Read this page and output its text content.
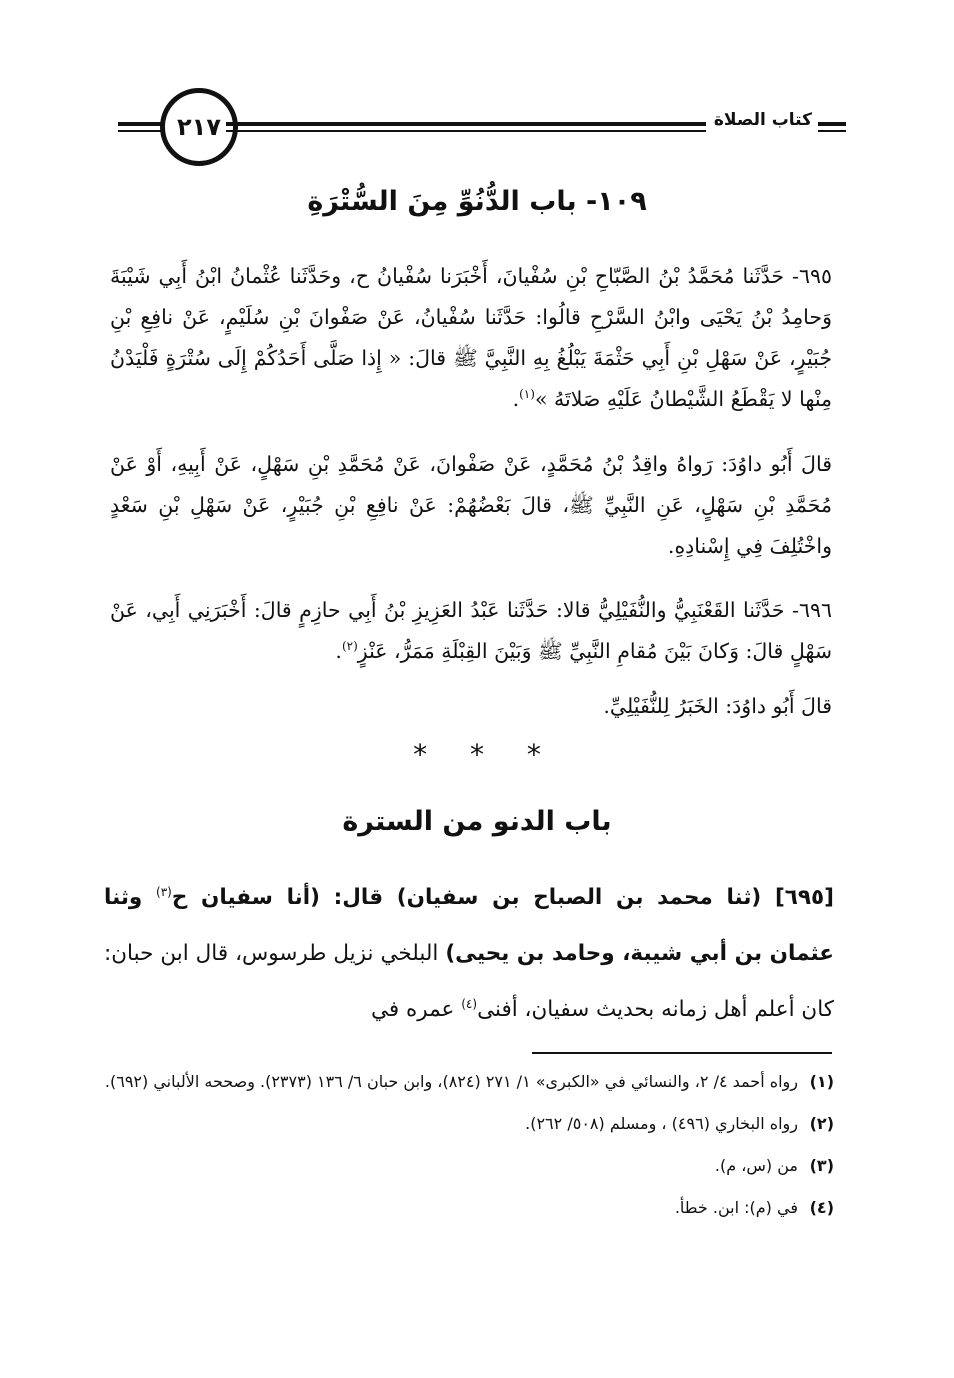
٢١٧	كتاب الصلاة
١٠٩- باب الدُّنُوِّ مِنَ السُّتْرَةِ
٦٩٥- حَدَّثَنا مُحَمَّدُ بْنُ الصَّبّاحِ بْنِ سُفْيانَ، أَخْبَرَنا سُفْيانُ ح، وحَدَّثَنا عُثْمانُ ابْنُ أَبِي شَيْبَةَ وَحامِدُ بْنُ يَحْيَى وابْنُ السَّرْحِ قالُوا: حَدَّثَنا سُفْيانُ، عَنْ صَفْوانَ بْنِ سُلَيْمٍ، عَنْ نافِعِ بْنِ جُبَيْرٍ، عَنْ سَهْلِ بْنِ أَبِي حَثْمَةَ يَبْلُغُ بِهِ النَّبِيَّ ﷺ قالَ: « إِذا صَلَّى أَحَدُكُمْ إِلَى سُتْرَةٍ فَلْيَدْنُ مِنْها لا يَقْطَعُ الشَّيْطانُ عَلَيْهِ صَلاتَهُ »$^{(١)}$.
قالَ أَبُو داوُدَ: رَواهُ واقِدُ بْنُ مُحَمَّدٍ، عَنْ صَفْوانَ، عَنْ مُحَمَّدِ بْنِ سَهْلٍ، عَنْ أَبِيهِ، أَوْ عَنْ مُحَمَّدِ بْنِ سَهْلٍ، عَنِ النَّبِيِّ ﷺ، قالَ بَعْضُهُمْ: عَنْ نافِعِ بْنِ جُبَيْرٍ، عَنْ سَهْلِ بْنِ سَعْدٍ واخْتُلِفَ فِي إِسْنادِهِ.
٦٩٦- حَدَّثَنا القَعْنَبِيُّ والنُّفَيْلِيُّ قالا: حَدَّثَنا عَبْدُ العَزِيزِ بْنُ أَبِي حازِمٍ قالَ: أَخْبَرَنِي أَبِي، عَنْ سَهْلٍ قالَ: وَكانَ بَيْنَ مُقامِ النَّبِيِّ ﷺ وَبَيْنَ القِبْلَةِ مَمَرُّ، عَنْزٍ$^{(٢)}$.
قالَ أَبُو داوُدَ: الخَبَرُ لِلنُّفَيْلِيِّ.
* * *
باب الدنو من السترة
[٦٩٥] (ثنا محمد بن الصباح بن سفيان) قال: (أنا سفيان ح$^{(٣)}$ وثنا عثمان بن أبي شيبة، وحامد بن يحيى) البلخي نزيل طرسوس، قال ابن حبان: كان أعلم أهل زمانه بحديث سفيان، أفنى$^{(٤)}$ عمره في
(١)
رواه أحمد ٤/ ٢، والنسائي في «الكبرى» ١/ ٢٧١ (٨٢٤)، وابن حبان ٦/ ١٣٦ (٢٣٧٣). وصححه الألباني (٦٩٢).
(٢)
رواه البخاري (٤٩٦) ، ومسلم (٥٠٨/ ٢٦٢).
(٣)
من (س، م).
(٤)
في (م): ابن. خطأ.
